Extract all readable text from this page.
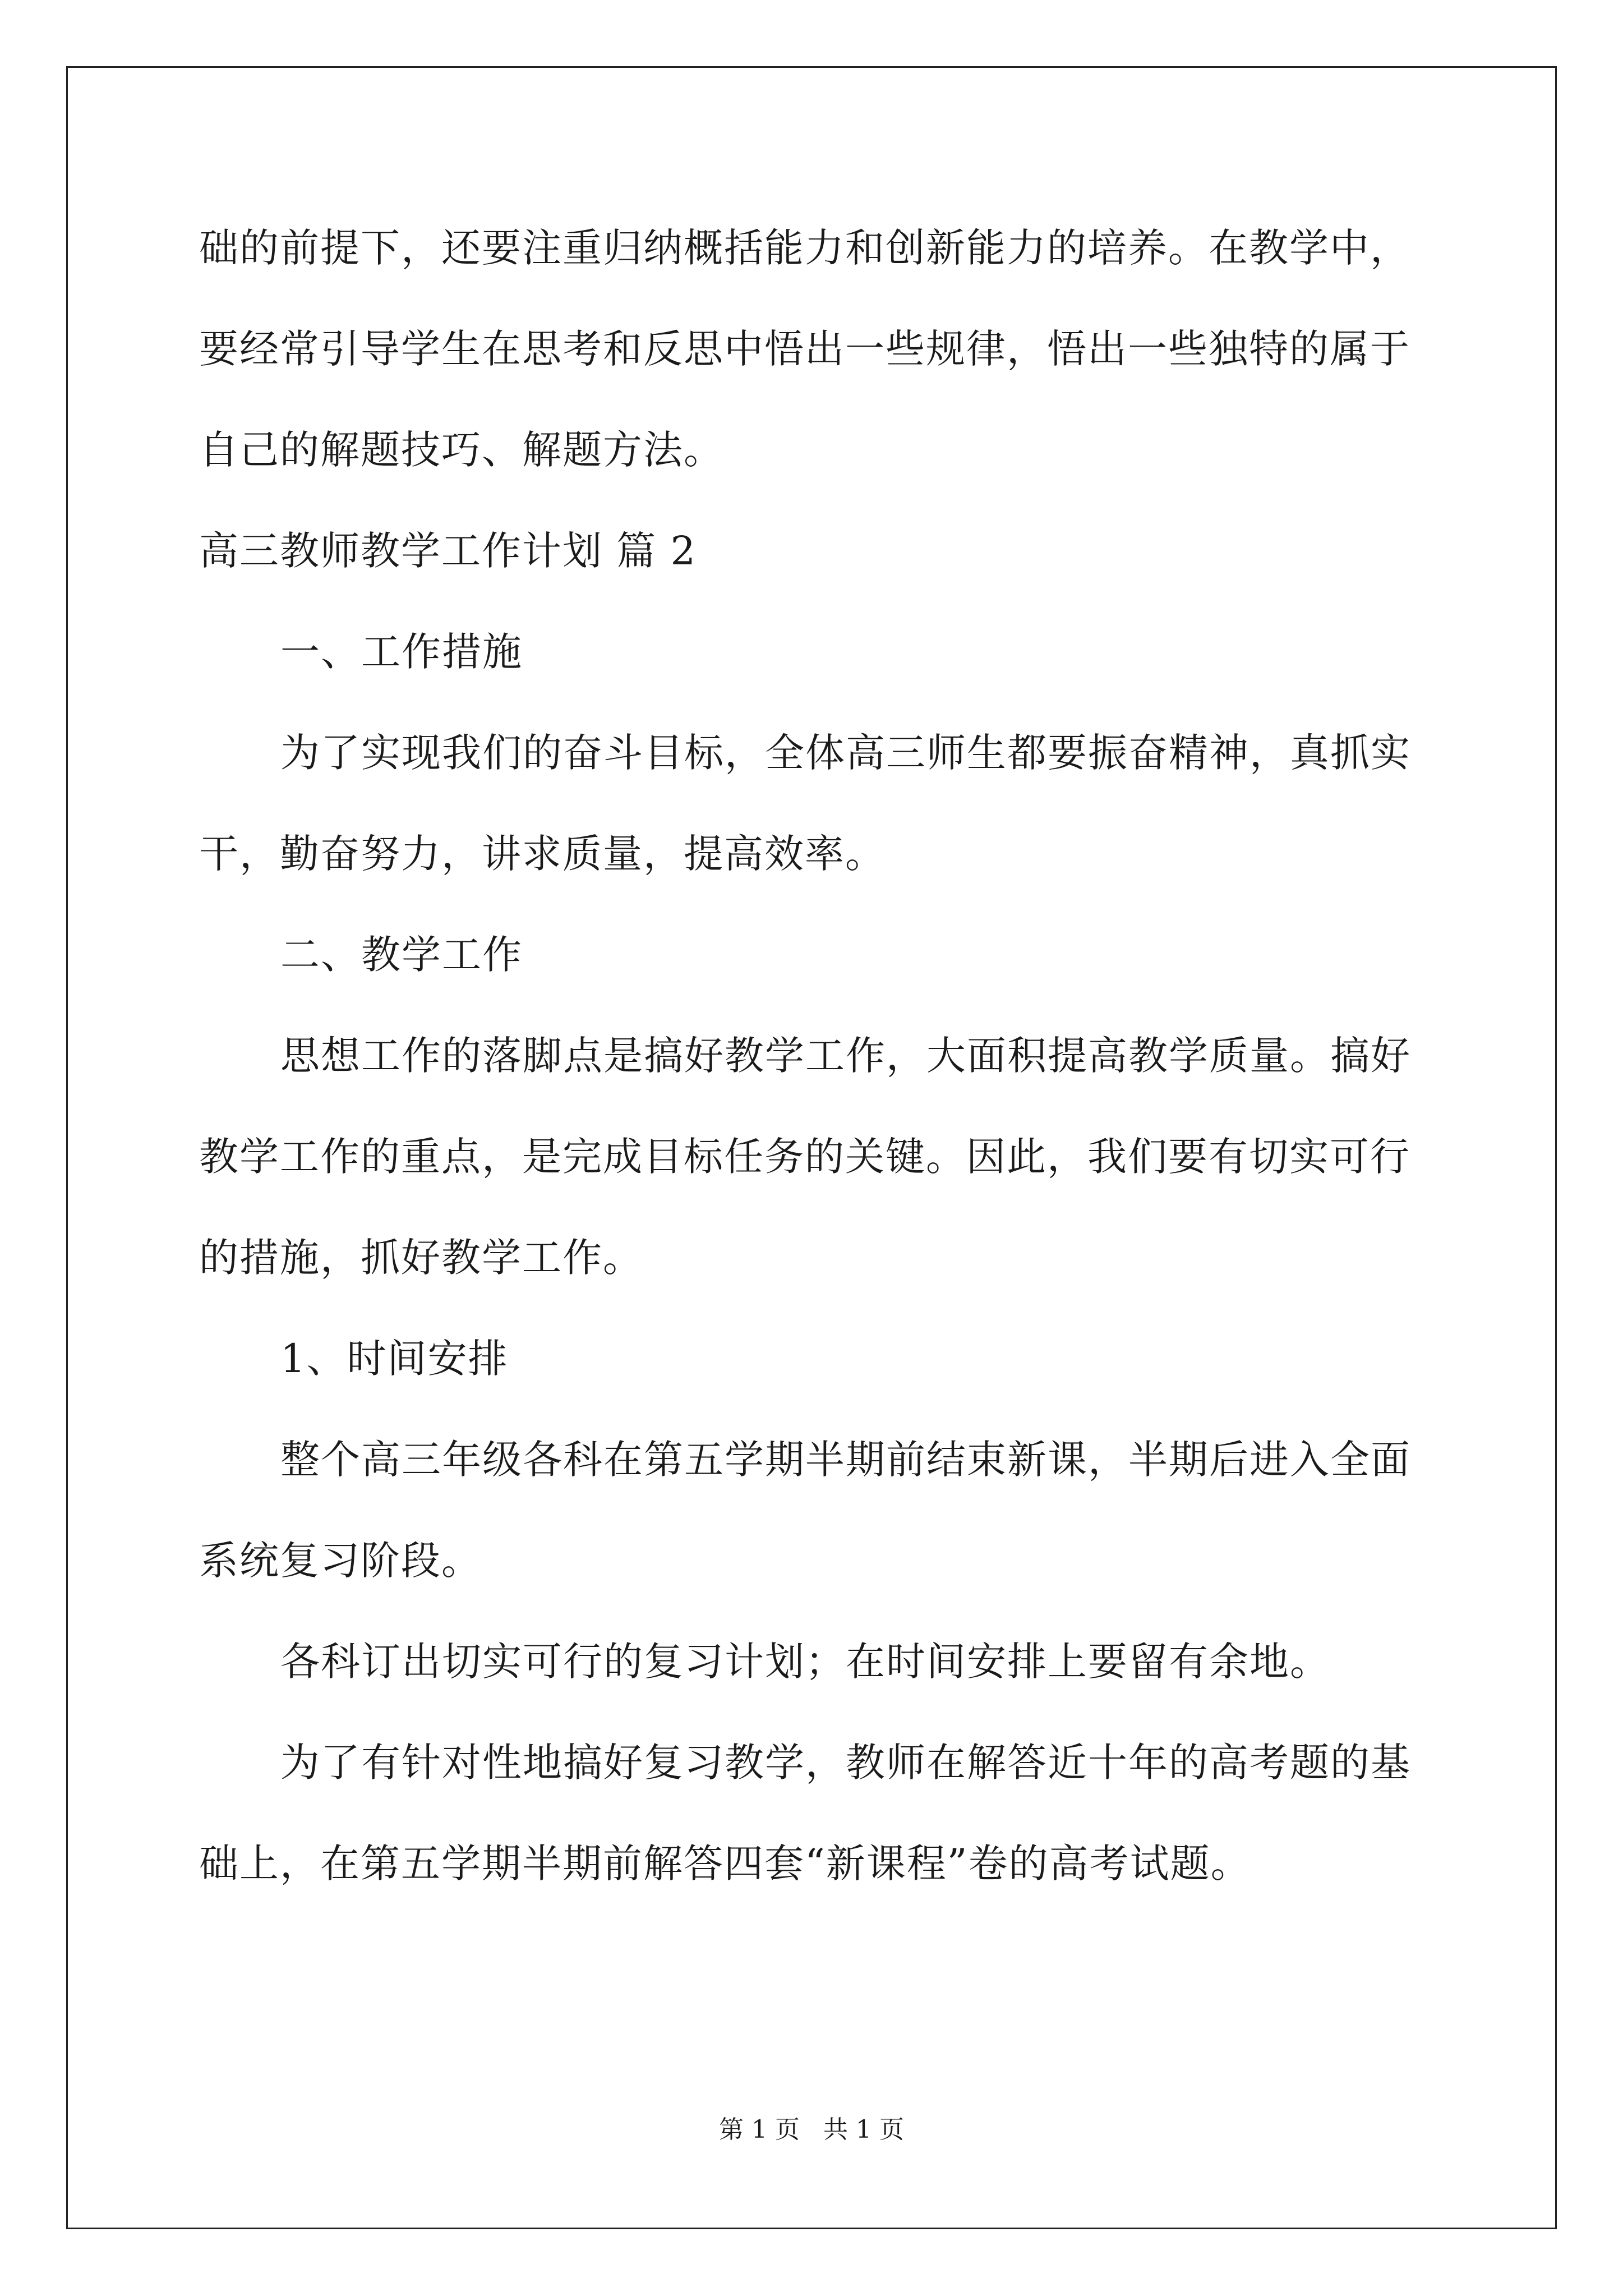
础的前提下，还要注重归纳概括能力和创新能力的培养。在教学中，
要经常引导学生在思考和反思中悟出一些规律，悟出一些独特的属于
自己的解题技巧、解题方法。
高三教师教学工作计划 篇 2
一、工作措施
为了实现我们的奋斗目标，全体高三师生都要振奋精神，真抓实
干，勤奋努力，讲求质量，提高效率。
二、教学工作
思想工作的落脚点是搞好教学工作，大面积提高教学质量。搞好
教学工作的重点，是完成目标任务的关键。因此，我们要有切实可行
的措施，抓好教学工作。
1、时间安排
整个高三年级各科在第五学期半期前结束新课，半期后进入全面
系统复习阶段。
各科订出切实可行的复习计划；在时间安排上要留有余地。
为了有针对性地搞好复习教学，教师在解答近十年的高考题的基
础上，在第五学期半期前解答四套“新课程”卷的高考试题。
第 1 页   共 1 页
